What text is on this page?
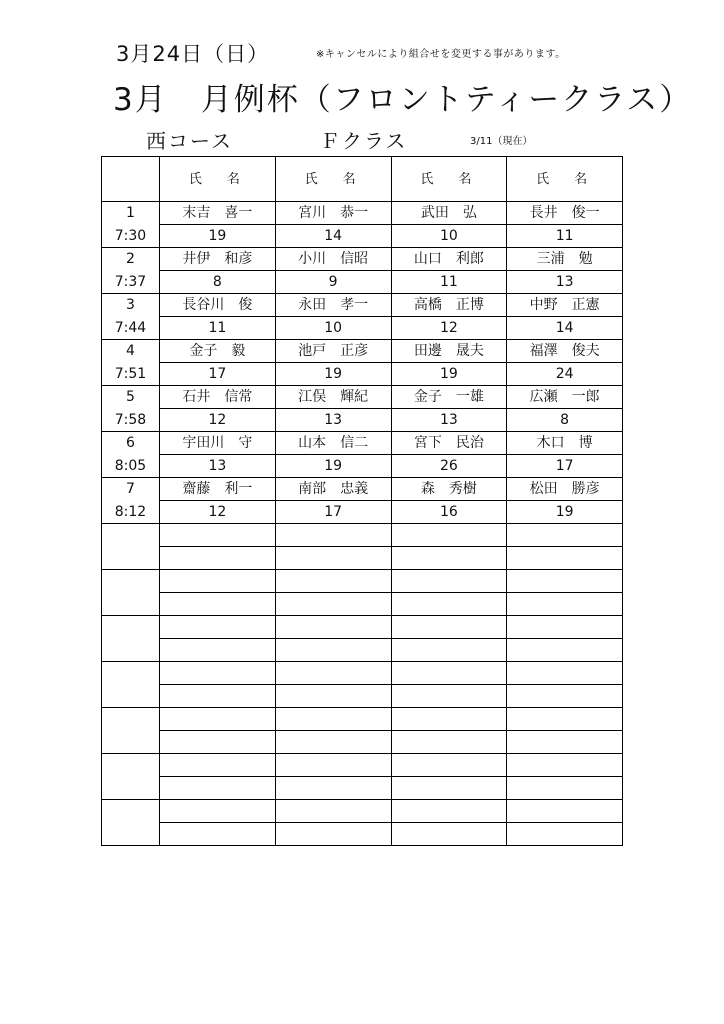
3月24日（日）	※キャンセルにより組合せを変更する事があります。
3月　月例杯（フロントティークラス）
西コース	Ｆクラス	3/11（現在）
	氏　名	氏　名	氏　名	氏　名

1
7:30	末吉　喜一	宮川　恭一	武田　弘	長井　俊一
	19	14	10	11

2
7:37	井伊　和彦	小川　信昭	山口　利郎	三浦　勉
	8	9	11	13

3
7:44	長谷川　俊	永田　孝一	高橋　正博	中野　正憲
	11	10	12	14

4
7:51	金子　毅	池戸　正彦	田邊　晟夫	福澤　俊夫
	17	19	19	24

5
7:58	石井　信常	江俣　輝紀	金子　一雄	広瀬　一郎
	12	13	13	8

6
8:05	宇田川　守	山本　信二	宮下　民治	木口　博
	13	19	26	17

7
8:12	齋藤　利一	南部　忠義	森　秀樹	松田　勝彦
	12	17	16	19
